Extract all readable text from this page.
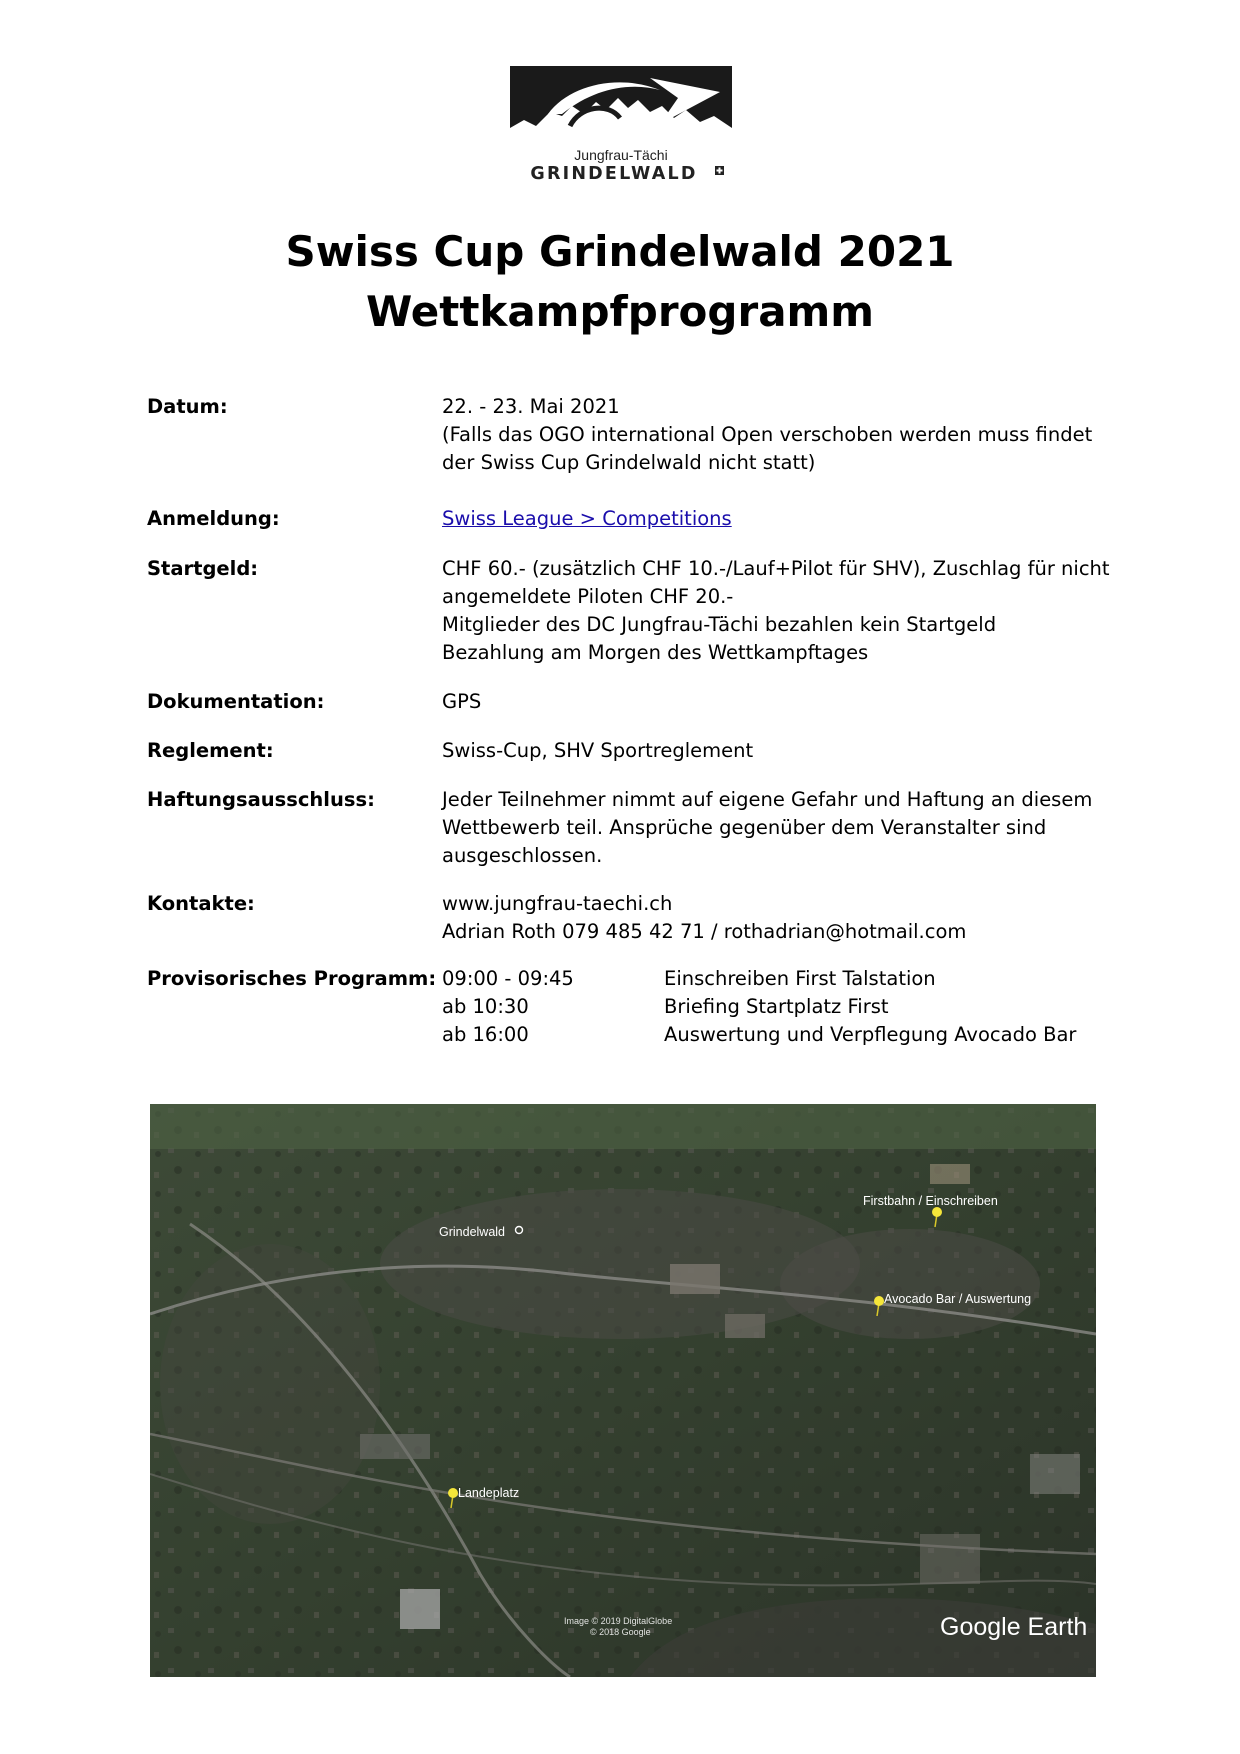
Jungfrau-Tächi
GRINDELWALD
Swiss Cup Grindelwald 2021
Wettkampfprogramm
Datum:	22. - 23. Mai 2021
(Falls das OGO international Open verschoben werden muss findet
der Swiss Cup Grindelwald nicht statt)
Anmeldung:	Swiss League > Competitions
Startgeld:	CHF 60.- (zusätzlich CHF 10.-/Lauf+Pilot für SHV), Zuschlag für nicht
angemeldete Piloten CHF 20.-
Mitglieder des DC Jungfrau-Tächi bezahlen kein Startgeld
Bezahlung am Morgen des Wettkampftages
Dokumentation:	GPS
Reglement:	Swiss-Cup, SHV Sportreglement
Haftungsausschluss:	Jeder Teilnehmer nimmt auf eigene Gefahr und Haftung an diesem
Wettbewerb teil. Ansprüche gegenüber dem Veranstalter sind
ausgeschlossen.
Kontakte:	www.jungfrau-taechi.ch
Adrian Roth 079 485 42 71 / rothadrian@hotmail.com
Provisorisches Programm: 09:00 - 09:45	Einschreiben First Talstation
ab 10:30	Briefing Startplatz First
ab 16:00	Auswertung und Verpflegung Avocado Bar
Grindelwald
Firstbahn / Einschreiben
Avocado Bar / Auswertung
Landeplatz
Image © 2019 DigitalGlobe
© 2018 Google	Google Earth
